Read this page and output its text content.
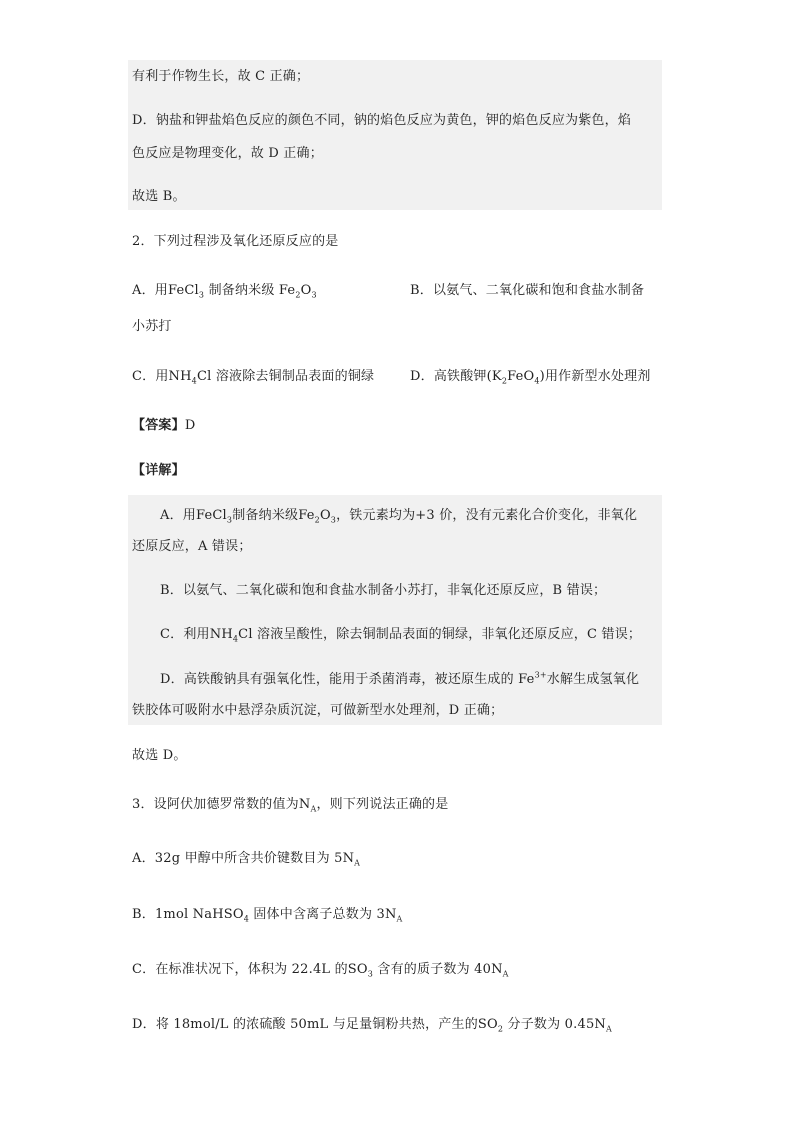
有利于作物生长，故 C 正确；
D．钠盐和钾盐焰色反应的颜色不同，钠的焰色反应为黄色，钾的焰色反应为紫色，焰
色反应是物理变化，故 D 正确；
故选 B。
2．下列过程涉及氧化还原反应的是
A．用FeCl$_3$ 制备纳米级 $Fe_2O_3$	B．以氨气、二氧化碳和饱和食盐水制备
小苏打
C．用$NH_4Cl$ 溶液除去铜制品表面的铜绿	D．高铁酸钾$(K_2FeO_4)$用作新型水处理剂
【答案】D
【详解】
A．用FeCl$_3$制备纳米级$Fe_2O_3$，铁元素均为+3 价，没有元素化合价变化，非氧化
还原反应，A 错误；
B．以氨气、二氧化碳和饱和食盐水制备小苏打，非氧化还原反应，B 错误；
C．利用$NH_4Cl$ 溶液呈酸性，除去铜制品表面的铜绿，非氧化还原反应，C 错误；
D．高铁酸钠具有强氧化性，能用于杀菌消毒，被还原生成的 $Fe^{3+}$水解生成氢氧化
铁胶体可吸附水中悬浮杂质沉淀，可做新型水处理剂，D 正确；
故选 D。
3．设阿伏加德罗常数的值为$N_A$，则下列说法正确的是
A．32g 甲醇中所含共价键数目为 $5N_A$
B．1mol NaHSO$_4$ 固体中含离子总数为 $3N_A$
C．在标准状况下，体积为 22.4L 的$SO_3$ 含有的质子数为 $40N_A$
D．将 18mol/L 的浓硫酸 50mL 与足量铜粉共热，产生的$SO_2$ 分子数为 $0.45N_A$
